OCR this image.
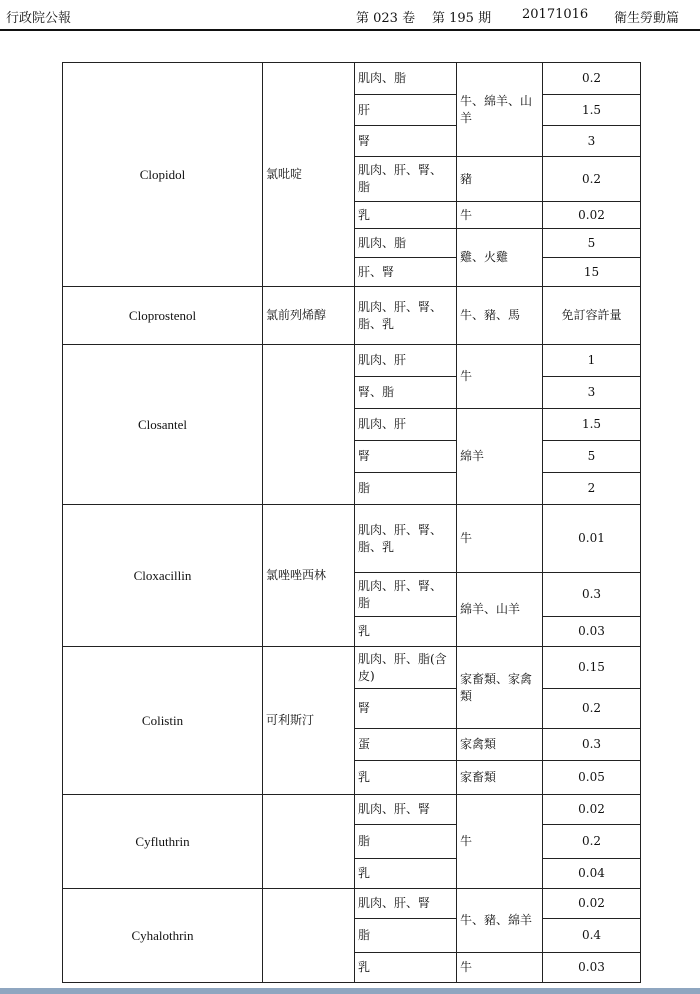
行政院公報	第 023 卷 第 195 期 20171016 衛生勞動篇
Clopidol	氯吡啶	肌肉、脂	牛、綿羊、山羊	0.2
		肝		1.5
		腎		3
		肌肉、肝、腎、脂	豬	0.2
		乳	牛	0.02
		肌肉、脂	雞、火雞	5
		肝、腎		15
Cloprostenol	氯前列烯醇	肌肉、肝、腎、脂、乳	牛、豬、馬	免訂容許量
Closantel		肌肉、肝	牛	1
		腎、脂		3
		肌肉、肝	綿羊	1.5
		腎		5
		脂		2
Cloxacillin	氯唑唑西林	肌肉、肝、腎、脂、乳	牛	0.01
		肌肉、肝、腎、脂	綿羊、山羊	0.3
		乳		0.03
Colistin	可利斯汀	肌肉、肝、脂(含皮)	家畜類、家禽類	0.15
		腎		0.2
		蛋	家禽類	0.3
		乳	家畜類	0.05
Cyfluthrin		肌肉、肝、腎	牛	0.02
		脂		0.2
		乳		0.04
Cyhalothrin		肌肉、肝、腎	牛、豬、綿羊	0.02
		脂		0.4
		乳	牛	0.03
